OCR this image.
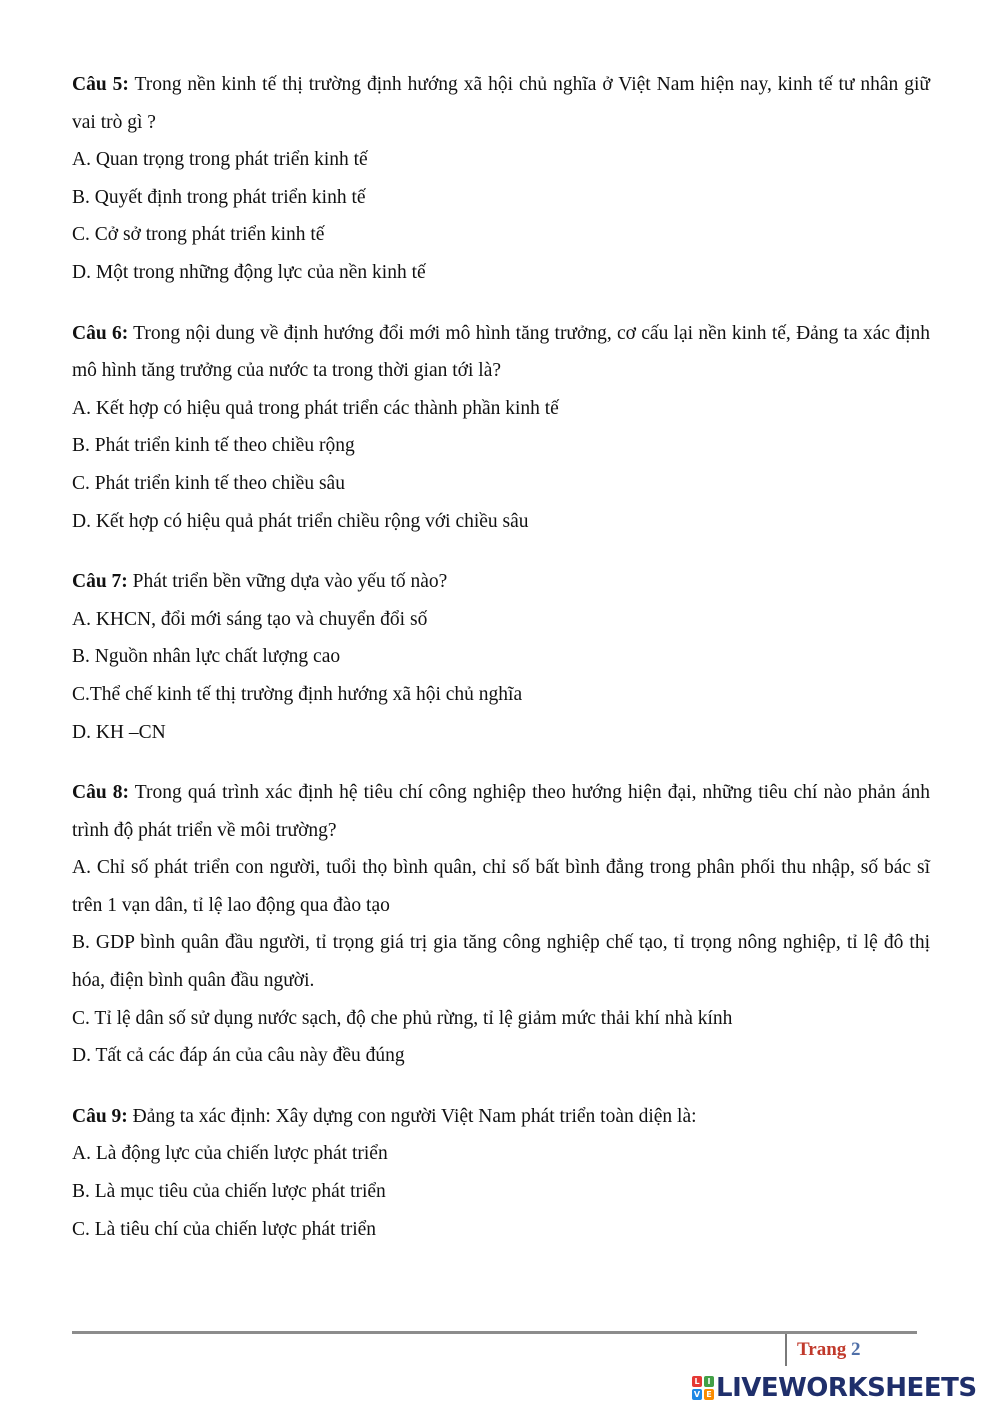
Câu 5: Trong nền kinh tế thị trường định hướng xã hội chủ nghĩa ở Việt Nam hiện nay, kinh tế tư nhân giữ vai trò gì ?
A. Quan trọng trong phát triển kinh tế
B. Quyết định trong phát triển kinh tế
C. Cở sở trong phát triển kinh tế
D. Một trong những động lực của nền kinh tế
Câu 6: Trong nội dung về định hướng đổi mới mô hình tăng trưởng, cơ cấu lại nền kinh tế, Đảng ta xác định mô hình tăng trưởng của nước ta trong thời gian tới là?
A. Kết hợp có hiệu quả trong phát triển các thành phần kinh tế
B. Phát triển kinh tế theo chiều rộng
C. Phát triển kinh tế theo chiều sâu
D. Kết hợp có hiệu quả phát triển chiều rộng với chiều sâu
Câu 7: Phát triển bền vững dựa vào yếu tố nào?
A. KHCN, đổi mới sáng tạo và chuyển đổi số
B. Nguồn nhân lực chất lượng cao
C.Thể chế kinh tế thị trường định hướng xã hội chủ nghĩa
D. KH –CN
Câu 8: Trong quá trình xác định hệ tiêu chí công nghiệp theo hướng hiện đại, những tiêu chí nào phản ánh trình độ phát triển về môi trường?
A. Chỉ số phát triển con người, tuổi thọ bình quân, chỉ số bất bình đẳng trong phân phối thu nhập, số bác sĩ trên 1 vạn dân, tỉ lệ lao động qua đào tạo
B. GDP bình quân đầu người, tỉ trọng giá trị gia tăng công nghiệp chế tạo, tỉ trọng nông nghiệp, tỉ lệ đô thị hóa, điện bình quân đầu người.
C. Tỉ lệ dân số sử dụng nước sạch, độ che phủ rừng, tỉ lệ giảm mức thải khí nhà kính
D. Tất cả các đáp án của câu này đều đúng
Câu 9: Đảng ta xác định: Xây dựng con người Việt Nam phát triển toàn diện là:
A. Là động lực của chiến lược phát triển
B. Là mục tiêu của chiến lược phát triển
C. Là tiêu chí của chiến lược phát triển
Trang 2
L I
V E LIVEWORKSHEETS
